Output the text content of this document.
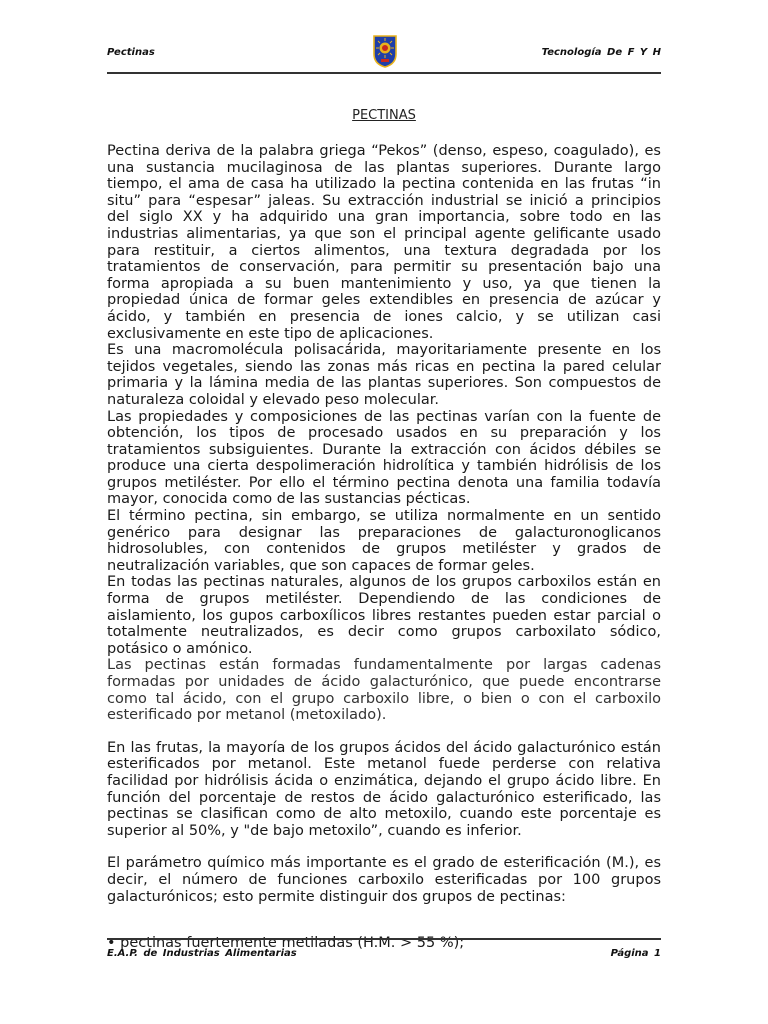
Pectinas	Tecnología De F Y H
PECTINAS

Pectina deriva de la palabra griega “Pekos” (denso, espeso, coagulado), es una sustancia mucilaginosa de las plantas superiores. Durante largo tiempo, el ama de casa ha utilizado la pectina contenida en las frutas “in situ” para “espesar” jaleas. Su extracción industrial se inició a principios del siglo XX y ha adquirido una gran importancia, sobre todo en las industrias alimentarias, ya que son el principal agente gelificante usado para restituir, a ciertos alimentos, una textura degradada por los tratamientos de conservación, para permitir su presentación bajo una forma apropiada a su buen mantenimiento y uso, ya que tienen la propiedad única de formar geles extendibles en presencia de azúcar y ácido, y también en presencia de iones calcio, y se utilizan casi exclusivamente en este tipo de aplicaciones.

Es una macromolécula polisacárida, mayoritariamente presente en los tejidos vegetales, siendo las zonas más ricas en pectina la pared celular primaria y la lámina media de las plantas superiores. Son compuestos de naturaleza coloidal y elevado peso molecular.

Las propiedades y composiciones de las pectinas varían con la fuente de obtención, los tipos de procesado usados en su preparación y los tratamientos subsiguientes. Durante la extracción con ácidos débiles se produce una cierta despolimeración hidrolítica y también hidrólisis de los grupos metiléster. Por ello el término pectina denota una familia todavía mayor, conocida como de las sustancias pécticas.

El término pectina, sin embargo, se utiliza normalmente en un sentido genérico para designar las preparaciones de galacturonoglicanos hidrosolubles, con contenidos de grupos metiléster y grados de neutralización variables, que son capaces de formar geles.

En todas las pectinas naturales, algunos de los grupos carboxilos están en forma de grupos metiléster. Dependiendo de las condiciones de aislamiento, los gupos carboxílicos libres restantes pueden estar parcial o totalmente neutralizados, es decir como grupos carboxilato sódico, potásico o amónico.

Las pectinas están formadas fundamentalmente por largas cadenas formadas por unidades de ácido galacturónico, que puede encontrarse como tal ácido, con el grupo carboxilo libre, o bien o con el carboxilo esterificado por metanol (metoxilado).

En las frutas, la mayoría de los grupos ácidos del ácido galacturónico están esterificados por metanol. Este metanol fuede perderse con relativa facilidad por hidrólisis ácida o enzimática, dejando el grupo ácido libre. En función del porcentaje de restos de ácido galacturónico esterificado, las pectinas se clasifican como de alto metoxilo, cuando este porcentaje es superior al 50%, y "de bajo metoxilo”, cuando es inferior.

El parámetro químico más importante es el grado de esterificación (M.), es decir, el número de funciones carboxilo esterificadas por 100 grupos galacturónicos; esto permite distinguir dos grupos de pectinas:

• pectinas fuertemente metiladas (H.M. > 55 %);

E.A.P. de Industrias Alimentarias	Página 1
